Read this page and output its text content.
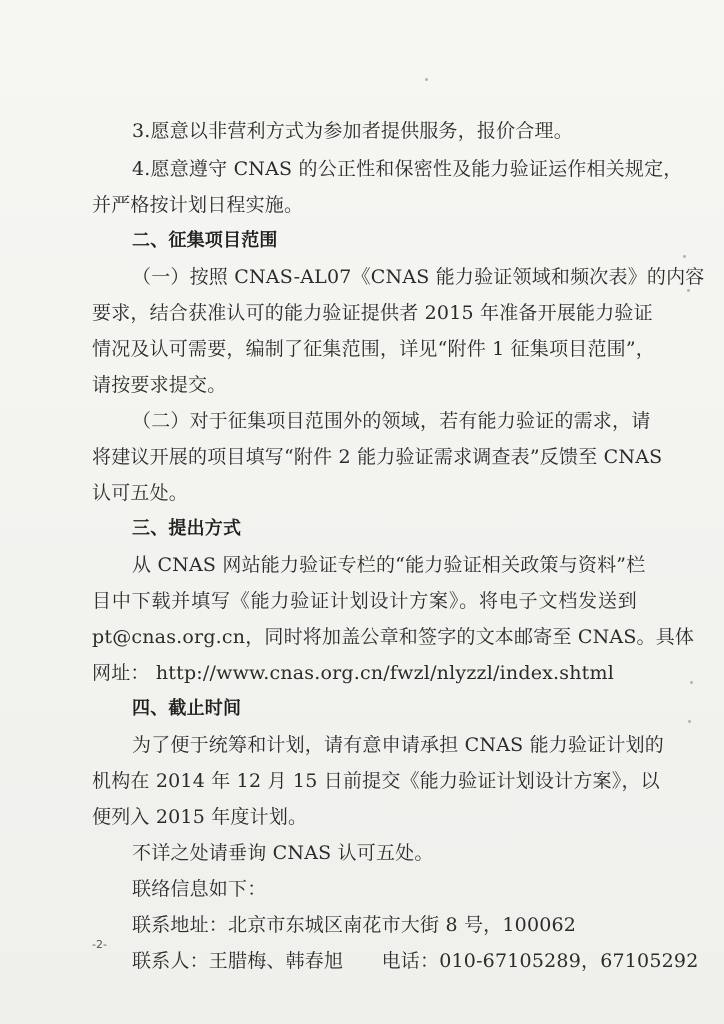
3.愿意以非营利方式为参加者提供服务，报价合理。
4.愿意遵守 CNAS 的公正性和保密性及能力验证运作相关规定，
并严格按计划日程实施。
二、征集项目范围
（一）按照 CNAS-AL07《CNAS 能力验证领域和频次表》的内容
要求，结合获准认可的能力验证提供者 2015 年准备开展能力验证
情况及认可需要，编制了征集范围，详见“附件 1 征集项目范围”，
请按要求提交。
（二）对于征集项目范围外的领域，若有能力验证的需求，请
将建议开展的项目填写“附件 2 能力验证需求调查表”反馈至 CNAS
认可五处。
三、提出方式
从 CNAS 网站能力验证专栏的“能力验证相关政策与资料”栏
目中下载并填写《能力验证计划设计方案》。将电子文档发送到
pt@cnas.org.cn，同时将加盖公章和签字的文本邮寄至 CNAS。具体
网址： http://www.cnas.org.cn/fwzl/nlyzzl/index.shtml
四、截止时间
为了便于统筹和计划，请有意申请承担 CNAS 能力验证计划的
机构在 2014 年 12 月 15 日前提交《能力验证计划设计方案》，以
便列入 2015 年度计划。
不详之处请垂询 CNAS 认可五处。
联络信息如下：
联系地址：北京市东城区南花市大街 8 号，100062
联系人：王腊梅、韩春旭　　电话：010-67105289，67105292
-2-
